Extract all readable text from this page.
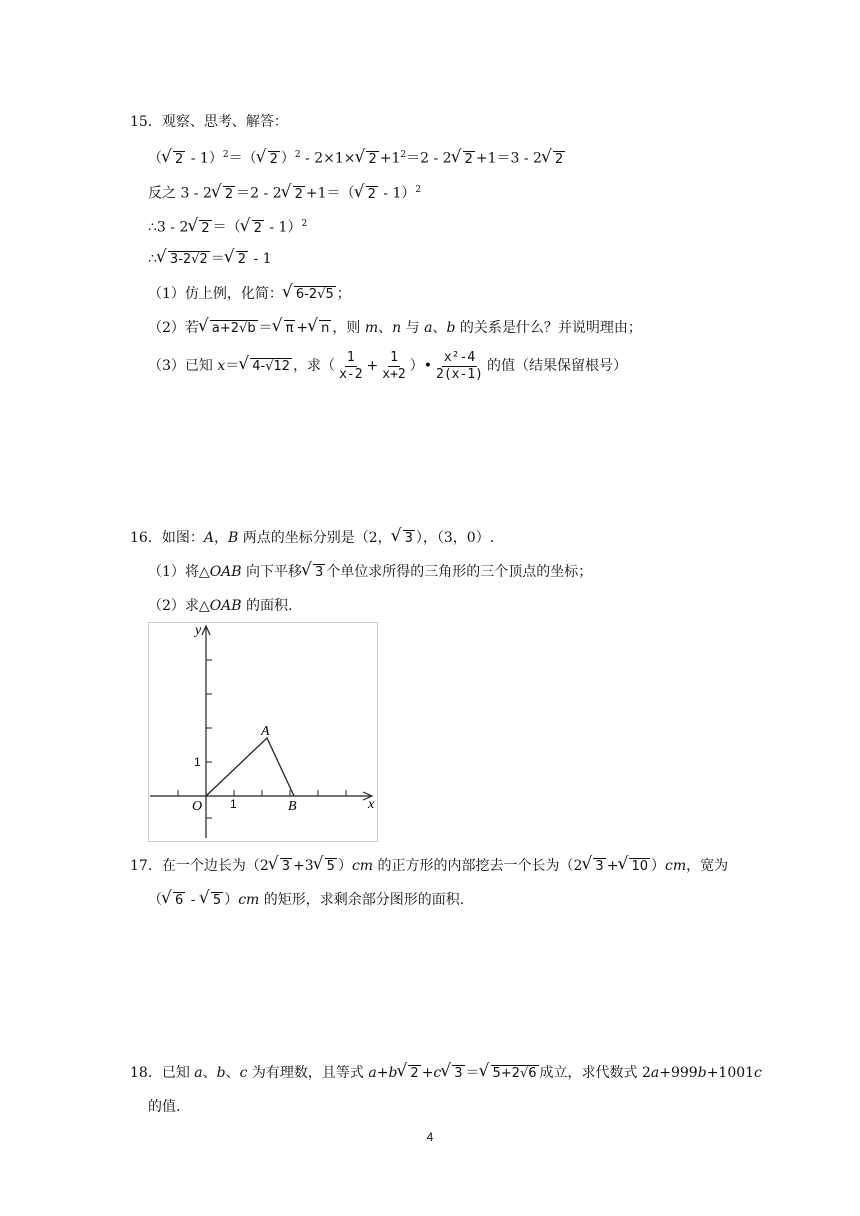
15．观察、思考、解答：
（√ 2 - 1）$^2$＝（√ 2 ）$^2$ - 2×1×√ $2 +1^2=2 - 2√$ 2 +1＝3 - 2√ 2
反之 3 - 2√ 2 ＝2 - 2√ 2 +1＝（√ 2 - 1）$^2$
∴3 - 2√ 2 ＝（√ 2 - 1）$^2$
∴√ 3-2√2 ＝√ 2 - 1
（1）仿上例，化简：√ 6-2√5 ；
（2）若√ a+2√b ＝√ π +√ n ，则 m、n 与 a、b 的关系是什么？并说明理由；
（3）已知 x＝√ 4-√12 ，求（ $\frac{1}{x-2} + \frac{1}{x+2}$ ）• $\frac{\text{x²-4}}{2(x-1)}$ 的值（结果保留根号）
16．如图：A，B 两点的坐标分别是（2，√ 3 ），（3，0）.
（1）将△OAB 向下平移√ 3 个单位求所得的三角形的三个顶点的坐标；
（2）求△OAB 的面积.
y
x
O 1
1
A
B
17．在一个边长为（2√ 3 +3√ 5 ）cm 的正方形的内部挖去一个长为（2√ 3 +√ 10 ）cm，宽为
（√ 6 - √ 5 ）cm 的矩形，求剩余部分图形的面积.
18．已知 a、b、c 为有理数，且等式 a+b√ 2 +c√ 3 ＝√ 5+2√6 成立，求代数式 2a+999b+1001c
的值.
4
